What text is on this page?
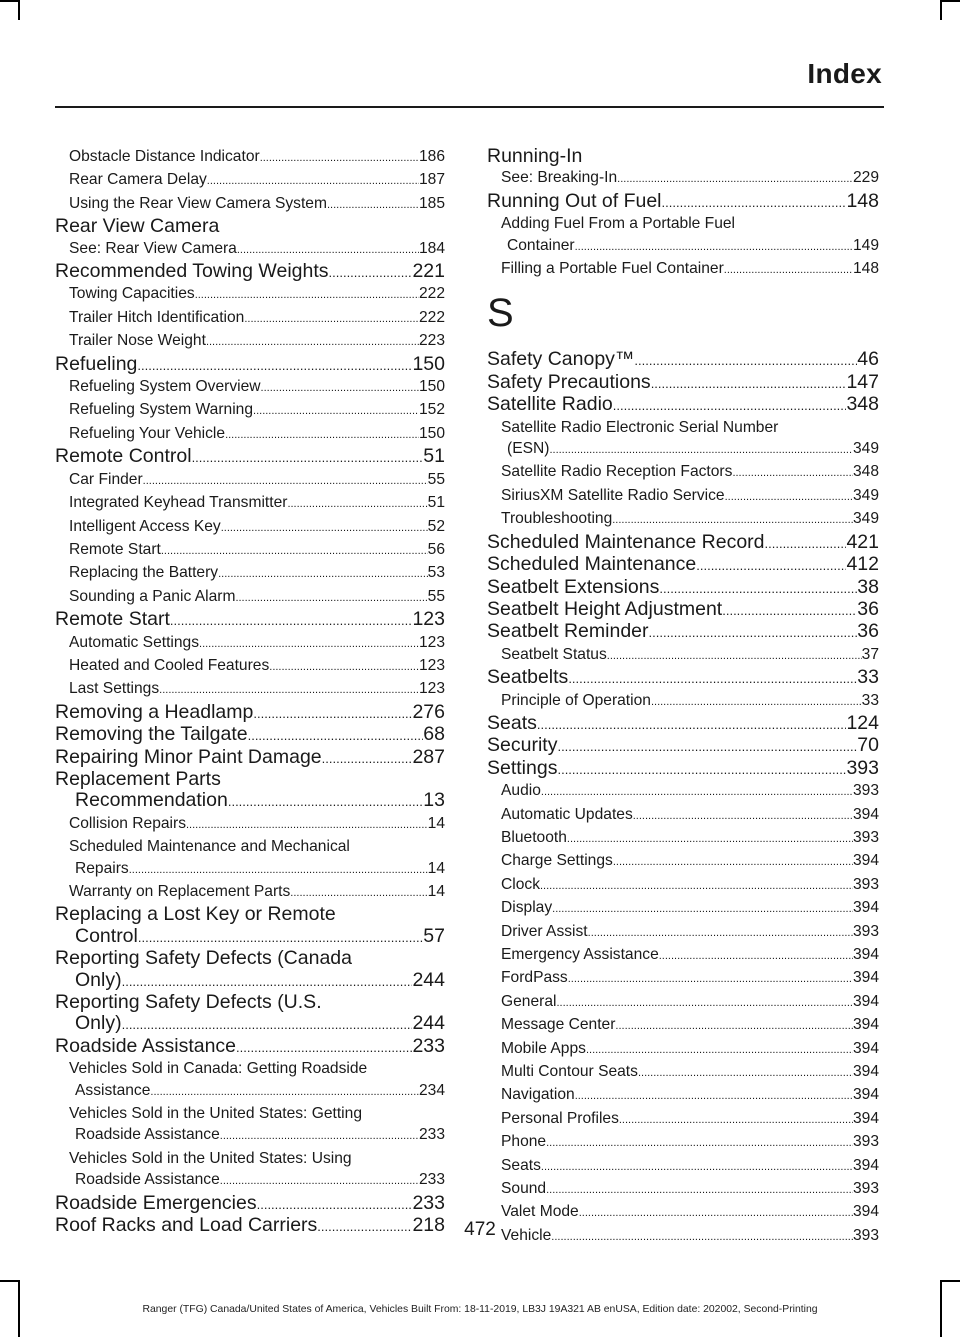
Index
Obstacle Distance Indicator .....	186
Rear Camera Delay .....	187
Using the Rear View Camera System .....	185
Rear View Camera
See: Rear View Camera .....	184
Recommended Towing Weights .....	221
Towing Capacities .....	222
Trailer Hitch Identification .....	222
Trailer Nose Weight .....	223
Refueling .....	150
Refueling System Overview .....	150
Refueling System Warning .....	152
Refueling Your Vehicle .....	150
Remote Control .....	51
Car Finder .....	55
Integrated Keyhead Transmitter .....	51
Intelligent Access Key .....	52
Remote Start .....	56
Replacing the Battery .....	53
Sounding a Panic Alarm .....	55
Remote Start .....	123
Automatic Settings .....	123
Heated and Cooled Features .....	123
Last Settings .....	123
Removing a Headlamp .....	276
Removing the Tailgate .....	68
Repairing Minor Paint Damage .....	287
Replacement Parts
Recommendation .....	13
Collision Repairs .....	14
Scheduled Maintenance and Mechanical
Repairs .....	14
Warranty on Replacement Parts .....	14
Replacing a Lost Key or Remote
Control .....	57
Reporting Safety Defects (Canada
Only) .....	244
Reporting Safety Defects (U.S.
Only) .....	244
Roadside Assistance .....	233
Vehicles Sold in Canada: Getting Roadside
Assistance .....	234
Vehicles Sold in the United States: Getting
Roadside Assistance .....	233
Vehicles Sold in the United States: Using
Roadside Assistance .....	233
Roadside Emergencies .....	233
Roof Racks and Load Carriers .....	218
Running-In
See: Breaking-In .....	229
Running Out of Fuel .....	148
Adding Fuel From a Portable Fuel
Container .....	149
Filling a Portable Fuel Container .....	148
S
Safety Canopy™ .....	46
Safety Precautions .....	147
Satellite Radio .....	348
Satellite Radio Electronic Serial Number
(ESN) .....	349
Satellite Radio Reception Factors .....	348
SiriusXM Satellite Radio Service .....	349
Troubleshooting .....	349
Scheduled Maintenance Record .....	421
Scheduled Maintenance .....	412
Seatbelt Extensions .....	38
Seatbelt Height Adjustment .....	36
Seatbelt Reminder .....	36
Seatbelt Status .....	37
Seatbelts .....	33
Principle of Operation .....	33
Seats .....	124
Security .....	70
Settings .....	393
Audio .....	393
Automatic Updates .....	394
Bluetooth .....	393
Charge Settings .....	394
Clock .....	393
Display .....	394
Driver Assist .....	393
Emergency Assistance .....	394
FordPass .....	394
General .....	394
Message Center .....	394
Mobile Apps .....	394
Multi Contour Seats .....	394
Navigation .....	394
Personal Profiles .....	394
Phone .....	393
Seats .....	394
Sound .....	393
Valet Mode .....	394
Vehicle .....	393
472
Ranger (TFG) Canada/United States of America, Vehicles Built From: 18-11-2019, LB3J 19A321 AB enUSA, Edition date: 202002, Second-Printing
